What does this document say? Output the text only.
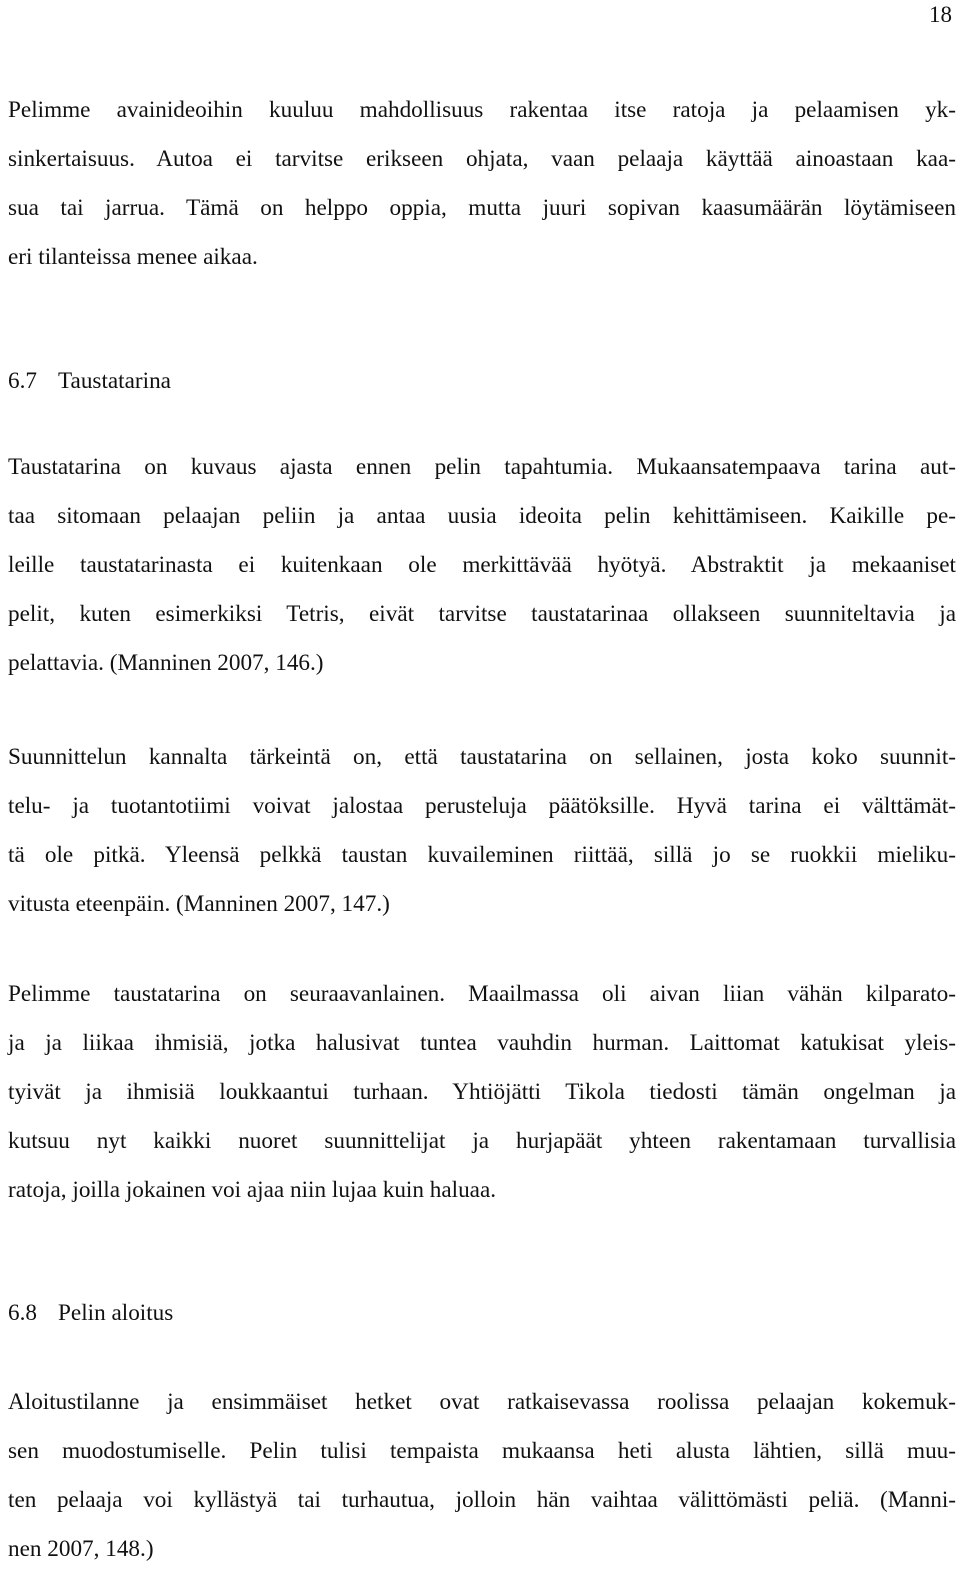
18
Pelimme avainideoihin kuuluu mahdollisuus rakentaa itse ratoja ja pelaamisen yk-
sinkertaisuus. Autoa ei tarvitse erikseen ohjata, vaan pelaaja käyttää ainoastaan kaa-
sua tai jarrua. Tämä on helppo oppia, mutta juuri sopivan kaasumäärän löytämiseen
eri tilanteissa menee aikaa.
6.7 Taustatarina
Taustatarina on kuvaus ajasta ennen pelin tapahtumia. Mukaansatempaava tarina aut-
taa sitomaan pelaajan peliin ja antaa uusia ideoita pelin kehittämiseen. Kaikille pe-
leille taustatarinasta ei kuitenkaan ole merkittävää hyötyä. Abstraktit ja mekaaniset
pelit, kuten esimerkiksi Tetris, eivät tarvitse taustatarinaa ollakseen suunniteltavia ja
pelattavia. (Manninen 2007, 146.)
Suunnittelun kannalta tärkeintä on, että taustatarina on sellainen, josta koko suunnit-
telu- ja tuotantotiimi voivat jalostaa perusteluja päätöksille. Hyvä tarina ei välttämät-
tä ole pitkä. Yleensä pelkkä taustan kuvaileminen riittää, sillä jo se ruokkii mieliku-
vitusta eteenpäin. (Manninen 2007, 147.)
Pelimme taustatarina on seuraavanlainen. Maailmassa oli aivan liian vähän kilparato-
ja ja liikaa ihmisiä, jotka halusivat tuntea vauhdin hurman. Laittomat katukisat yleis-
tyivät ja ihmisiä loukkaantui turhaan. Yhtiöjätti Tikola tiedosti tämän ongelman ja
kutsuu nyt kaikki nuoret suunnittelijat ja hurjapäät yhteen rakentamaan turvallisia
ratoja, joilla jokainen voi ajaa niin lujaa kuin haluaa.
6.8 Pelin aloitus
Aloitustilanne ja ensimmäiset hetket ovat ratkaisevassa roolissa pelaajan kokemuk-
sen muodostumiselle. Pelin tulisi tempaista mukaansa heti alusta lähtien, sillä muu-
ten pelaaja voi kyllästyä tai turhautua, jolloin hän vaihtaa välittömästi peliä. (Manni-
nen 2007, 148.)
